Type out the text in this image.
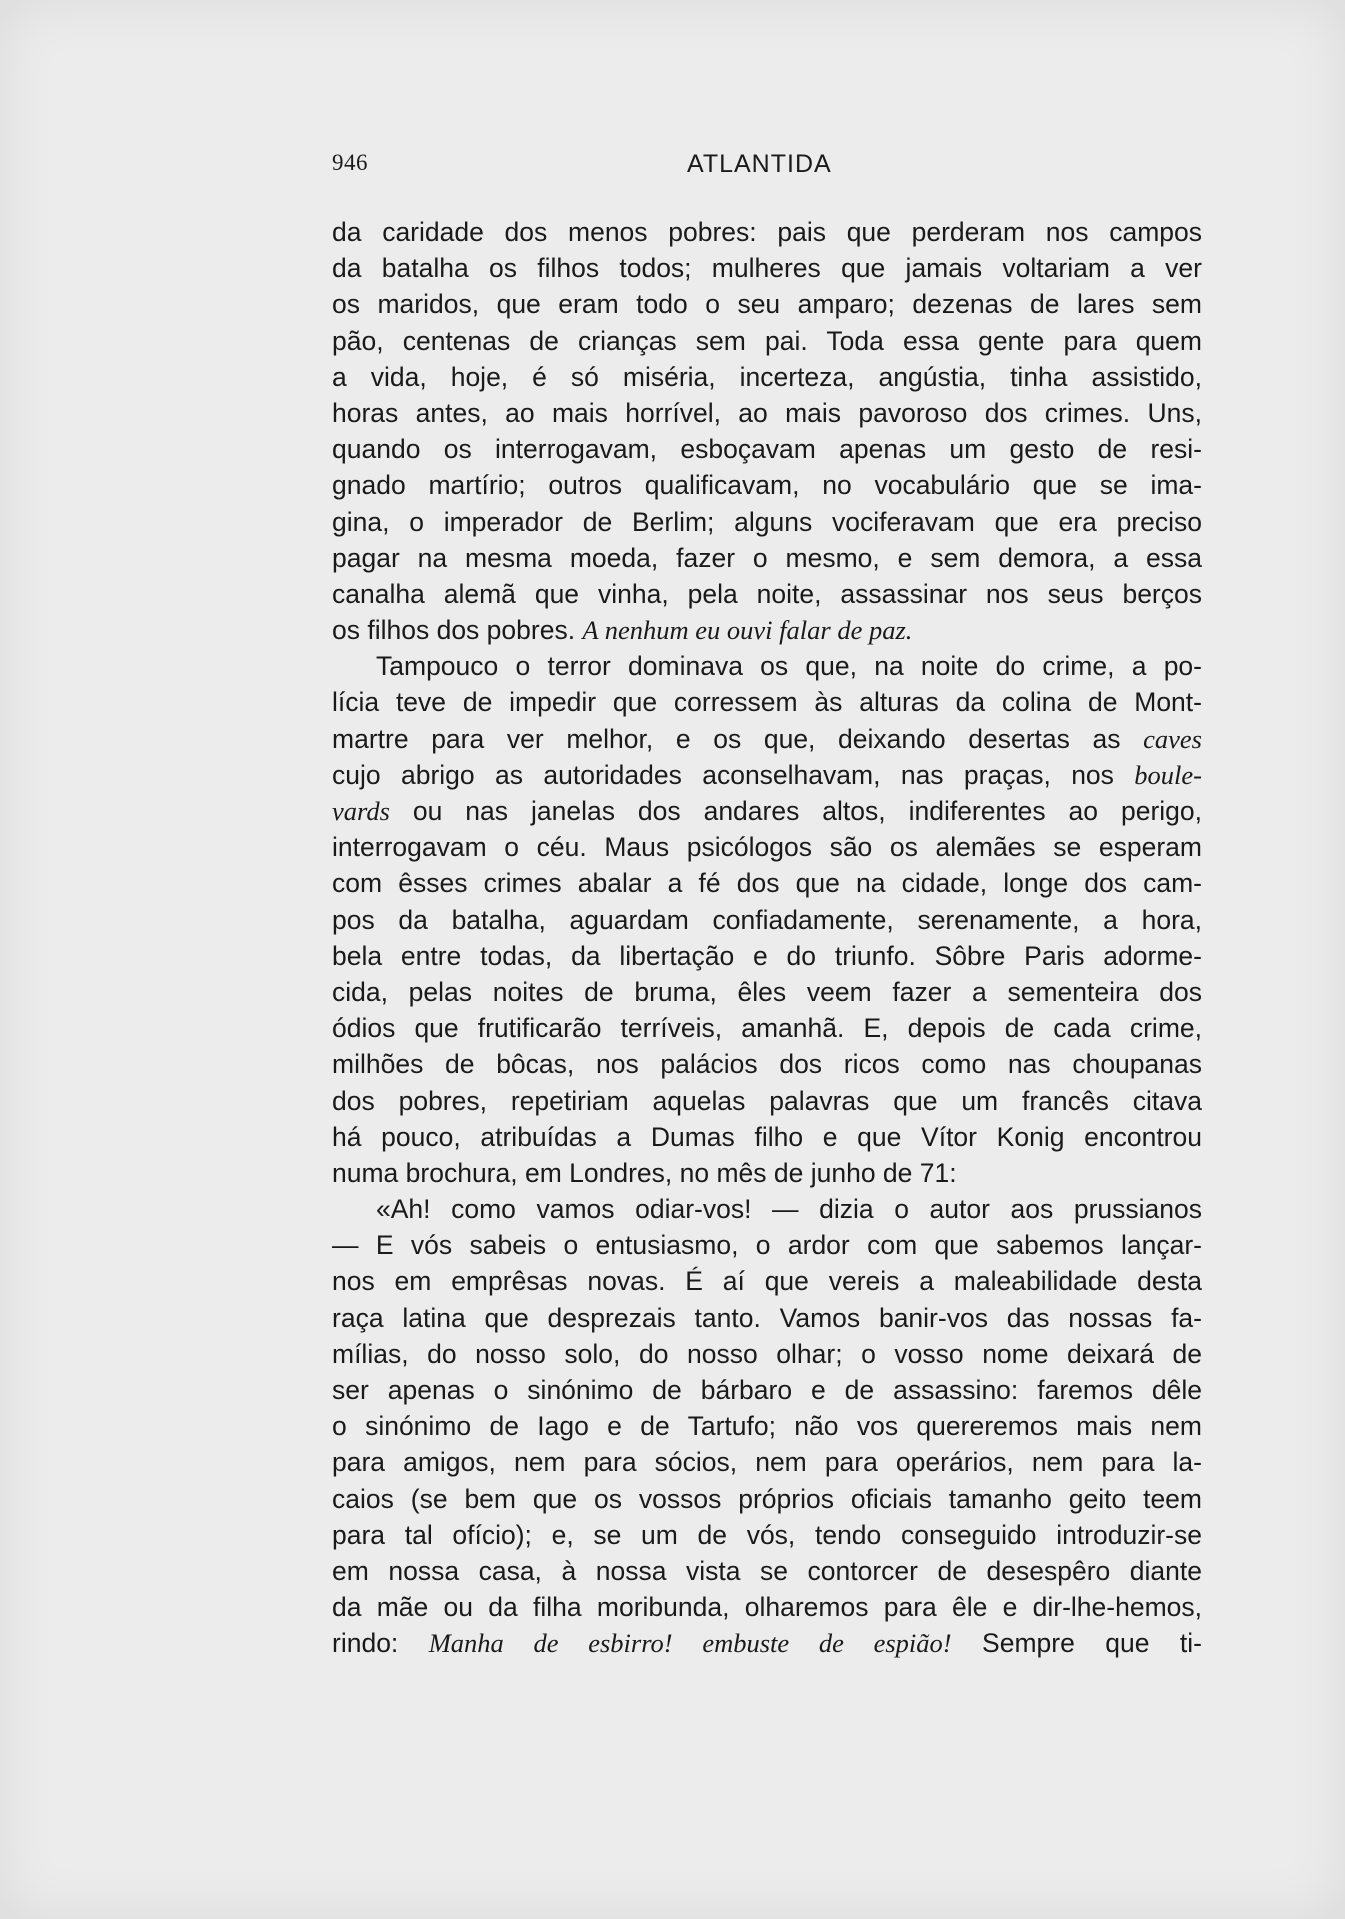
946	ATLANTIDA
da caridade dos menos pobres: pais que perderam nos campos
da batalha os filhos todos; mulheres que jamais voltariam a ver
os maridos, que eram todo o seu amparo; dezenas de lares sem
pão, centenas de crianças sem pai. Toda essa gente para quem
a vida, hoje, é só miséria, incerteza, angústia, tinha assistido,
horas antes, ao mais horrível, ao mais pavoroso dos crimes. Uns,
quando os interrogavam, esboçavam apenas um gesto de resi-
gnado martírio; outros qualificavam, no vocabulário que se ima-
gina, o imperador de Berlim; alguns vociferavam que era preciso
pagar na mesma moeda, fazer o mesmo, e sem demora, a essa
canalha alemã que vinha, pela noite, assassinar nos seus berços
os filhos dos pobres. A nenhum eu ouvi falar de paz.
Tampouco o terror dominava os que, na noite do crime, a po-
lícia teve de impedir que corressem às alturas da colina de Mont-
martre para ver melhor, e os que, deixando desertas as caves
cujo abrigo as autoridades aconselhavam, nas praças, nos boule-
vards ou nas janelas dos andares altos, indiferentes ao perigo,
interrogavam o céu. Maus psicólogos são os alemães se esperam
com êsses crimes abalar a fé dos que na cidade, longe dos cam-
pos da batalha, aguardam confiadamente, serenamente, a hora,
bela entre todas, da libertação e do triunfo. Sôbre Paris adorme-
cida, pelas noites de bruma, êles veem fazer a sementeira dos
ódios que frutificarão terríveis, amanhã. E, depois de cada crime,
milhões de bôcas, nos palácios dos ricos como nas choupanas
dos pobres, repetiriam aquelas palavras que um francês citava
há pouco, atribuídas a Dumas filho e que Vítor Konig encontrou
numa brochura, em Londres, no mês de junho de 71:
«Ah! como vamos odiar-vos! — dizia o autor aos prussianos
— E vós sabeis o entusiasmo, o ardor com que sabemos lançar-
nos em emprêsas novas. É aí que vereis a maleabilidade desta
raça latina que desprezais tanto. Vamos banir-vos das nossas fa-
mílias, do nosso solo, do nosso olhar; o vosso nome deixará de
ser apenas o sinónimo de bárbaro e de assassino: faremos dêle
o sinónimo de Iago e de Tartufo; não vos quereremos mais nem
para amigos, nem para sócios, nem para operários, nem para la-
caios (se bem que os vossos próprios oficiais tamanho geito teem
para tal ofício); e, se um de vós, tendo conseguido introduzir-se
em nossa casa, à nossa vista se contorcer de desespêro diante
da mãe ou da filha moribunda, olharemos para êle e dir-lhe-hemos,
rindo: Manha de esbirro! embuste de espião! Sempre que ti-
